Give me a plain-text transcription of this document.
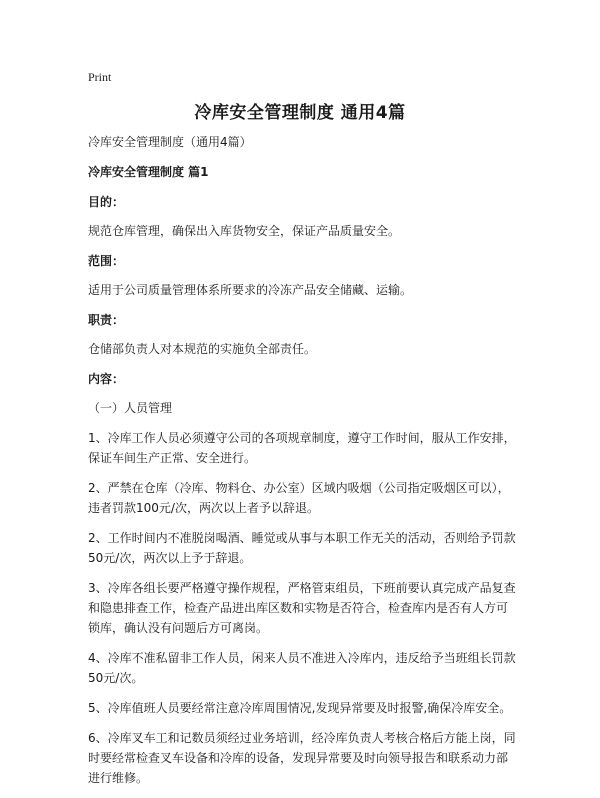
Print
冷库安全管理制度 通用4篇

冷库安全管理制度（通用4篇）

冷库安全管理制度 篇1

目的：

规范仓库管理，确保出入库货物安全，保证产品质量安全。

范围：

适用于公司质量管理体系所要求的冷冻产品安全储藏、运输。

职责：

仓储部负责人对本规范的实施负全部责任。

内容：

（一）人员管理

1、冷库工作人员必须遵守公司的各项规章制度，遵守工作时间，服从工作安排，保证车间生产正常、安全进行。

2、严禁在仓库（冷库、物料仓、办公室）区域内吸烟（公司指定吸烟区可以），违者罚款100元/次，两次以上者予以辞退。

2、工作时间内不准脱岗喝酒、睡觉或从事与本职工作无关的活动，否则给予罚款50元/次，两次以上予于辞退。

3、冷库各组长要严格遵守操作规程，严格管束组员，下班前要认真完成产品复查和隐患排查工作，检查产品进出库区数和实物是否符合，检查库内是否有人方可锁库，确认没有问题后方可离岗。

4、冷库不准私留非工作人员，闲来人员不准进入冷库内，违反给予当班组长罚款50元/次。

5、冷库值班人员要经常注意冷库周围情况,发现异常要及时报警,确保冷库安全。

6、冷库叉车工和记数员须经过业务培训，经冷库负责人考核合格后方能上岗，同时要经常检查叉车设备和冷库的设备，发现异常要及时向领导报告和联系动力部进行维修。
